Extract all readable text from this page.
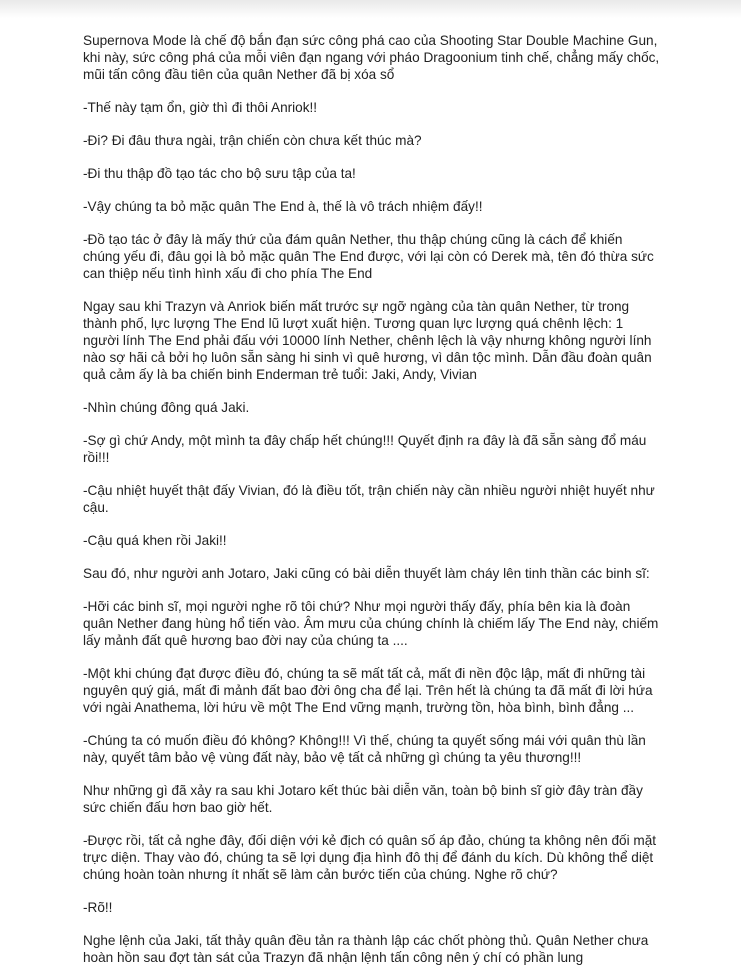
Supernova Mode là chế độ bắn đạn sức công phá cao của Shooting Star Double Machine Gun, khi này, sức công phá của mỗi viên đạn ngang với pháo Dragoonium tinh chế, chẳng mấy chốc, mũi tấn công đầu tiên của quân Nether đã bị xóa sổ

-Thế này tạm ổn, giờ thì đi thôi Anriok!!

-Đi? Đi đâu thưa ngài, trận chiến còn chưa kết thúc mà?

-Đi thu thập đồ tạo tác cho bộ sưu tập của ta!

-Vậy chúng ta bỏ mặc quân The End à, thế là vô trách nhiệm đấy!!

-Đồ tạo tác ở đây là mấy thứ của đám quân Nether, thu thập chúng cũng là cách để khiến chúng yếu đi, đâu gọi là bỏ mặc quân The End được, với lại còn có Derek mà, tên đó thừa sức can thiệp nếu tình hình xấu đi cho phía The End

Ngay sau khi Trazyn và Anriok biến mất trước sự ngỡ ngàng của tàn quân Nether, từ trong thành phố, lực lượng The End lũ lượt xuất hiện. Tương quan lực lượng quá chênh lệch: 1 người lính The End phải đấu với 10000 lính Nether, chênh lệch là vậy nhưng không người lính nào sợ hãi cả bởi họ luôn sẵn sàng hi sinh vì quê hương, vì dân tộc mình. Dẫn đầu đoàn quân quả cảm ấy là ba chiến binh Enderman trẻ tuổi: Jaki, Andy, Vivian

-Nhìn chúng đông quá Jaki.

-Sợ gì chứ Andy, một mình ta đây chấp hết chúng!!! Quyết định ra đây là đã sẵn sàng đổ máu rồi!!!

-Cậu nhiệt huyết thật đấy Vivian, đó là điều tốt, trận chiến này cần nhiều người nhiệt huyết như cậu.

-Cậu quá khen rồi Jaki!!

Sau đó, như người anh Jotaro, Jaki cũng có bài diễn thuyết làm cháy lên tinh thần các binh sĩ:

-Hỡi các binh sĩ, mọi người nghe rõ tôi chứ? Như mọi người thấy đấy, phía bên kia là đoàn quân Nether đang hùng hổ tiến vào. Âm mưu của chúng chính là chiếm lấy The End này, chiếm lấy mảnh đất quê hương bao đời nay của chúng ta ....

-Một khi chúng đạt được điều đó, chúng ta sẽ mất tất cả, mất đi nền độc lập, mất đi những tài nguyên quý giá, mất đi mảnh đất bao đời ông cha để lại. Trên hết là chúng ta đã mất đi lời hứa với ngài Anathema, lời hứu về một The End vững mạnh, trường tồn, hòa bình, bình đẳng ...

-Chúng ta có muốn điều đó không? Không!!! Vì thế, chúng ta quyết sống mái với quân thù lần này, quyết tâm bảo vệ vùng đất này, bảo vệ tất cả những gì chúng ta yêu thương!!!

Như những gì đã xảy ra sau khi Jotaro kết thúc bài diễn văn, toàn bộ binh sĩ giờ đây tràn đầy sức chiến đấu hơn bao giờ hết.

-Được rồi, tất cả nghe đây, đối diện với kẻ địch có quân số áp đảo, chúng ta không nên đối mặt trực diện. Thay vào đó, chúng ta sẽ lợi dụng địa hình đô thị để đánh du kích. Dù không thể diệt chúng hoàn toàn nhưng ít nhất sẽ làm cản bước tiến của chúng. Nghe rõ chứ?

-Rõ!!

Nghe lệnh của Jaki, tất thảy quân đều tản ra thành lập các chốt phòng thủ. Quân Nether chưa hoàn hồn sau đợt tàn sát của Trazyn đã nhận lệnh tấn công nên ý chí có phần lung
